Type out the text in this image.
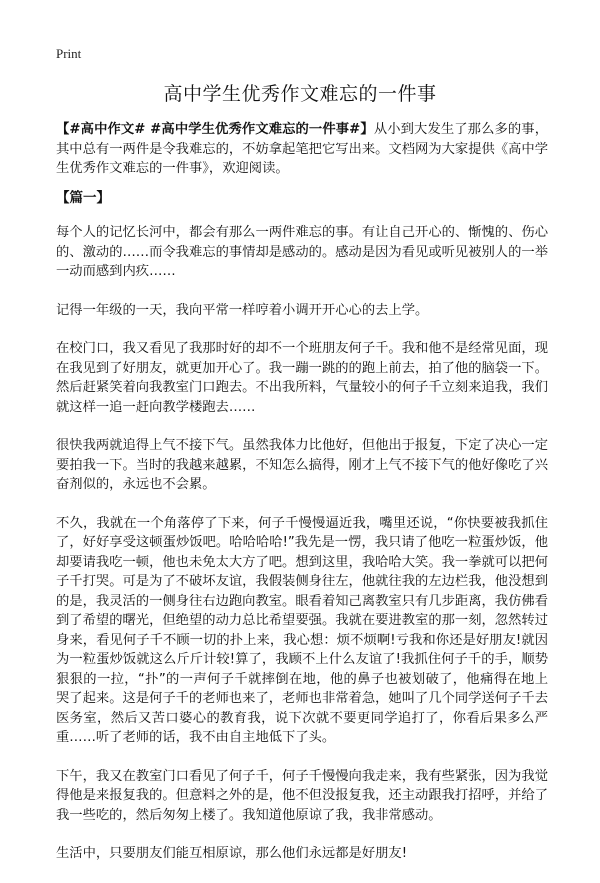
Print
高中学生优秀作文难忘的一件事

【#高中作文# #高中学生优秀作文难忘的一件事#】从小到大发生了那么多的事，其中总有一两件是令我难忘的，不妨拿起笔把它写出来。文档网为大家提供《高中学生优秀作文难忘的一件事》，欢迎阅读。

【篇一】

每个人的记忆长河中，都会有那么一两件难忘的事。有让自己开心的、惭愧的、伤心的、激动的……而令我难忘的事情却是感动的。感动是因为看见或听见被别人的一举一动而感到内疚……

记得一年级的一天，我向平常一样哼着小调开开心心的去上学。

在校门口，我又看见了我那时好的却不一个班朋友何子千。我和他不是经常见面，现在我见到了好朋友，就更加开心了。我一蹦一跳的的跑上前去，拍了他的脑袋一下。然后赶紧笑着向我教室门口跑去。不出我所料，气量较小的何子千立刻来追我，我们就这样一追一赶向教学楼跑去……

很快我两就追得上气不接下气。虽然我体力比他好，但他出于报复，下定了决心一定要拍我一下。当时的我越来越累，不知怎么搞得，刚才上气不接下气的他好像吃了兴奋剂似的，永远也不会累。

不久，我就在一个角落停了下来，何子千慢慢逼近我，嘴里还说，“你快要被我抓住了，好好享受这顿蛋炒饭吧。哈哈哈哈!”我先是一愣，我只请了他吃一粒蛋炒饭，他却要请我吃一顿，他也未免太大方了吧。想到这里，我哈哈大笑。我一拳就可以把何子千打哭。可是为了不破坏友谊，我假装侧身往左，他就往我的左边栏我，他没想到的是，我灵活的一侧身往右边跑向教室。眼看着知己离教室只有几步距离，我仿佛看到了希望的曙光，但绝望的动力总比希望要强。我就在要进教室的那一刻，忽然转过身来，看见何子千不顾一切的扑上来，我心想：烦不烦啊!亏我和你还是好朋友!就因为一粒蛋炒饭就这么斤斤计较!算了，我顾不上什么友谊了!我抓住何子千的手，顺势狠狠的一拉，“扑”的一声何子千就摔倒在地，他的鼻子也被划破了，他痛得在地上哭了起来。这是何子千的老师也来了，老师也非常着急，她叫了几个同学送何子千去医务室，然后又苦口婆心的教育我，说下次就不要更同学追打了，你看后果多么严重……听了老师的话，我不由自主地低下了头。

下午，我又在教室门口看见了何子千，何子千慢慢向我走来，我有些紧张，因为我觉得他是来报复我的。但意料之外的是，他不但没报复我，还主动跟我打招呼，并给了我一些吃的，然后匆匆上楼了。我知道他原谅了我，我非常感动。

生活中，只要朋友们能互相原谅，那么他们永远都是好朋友!
